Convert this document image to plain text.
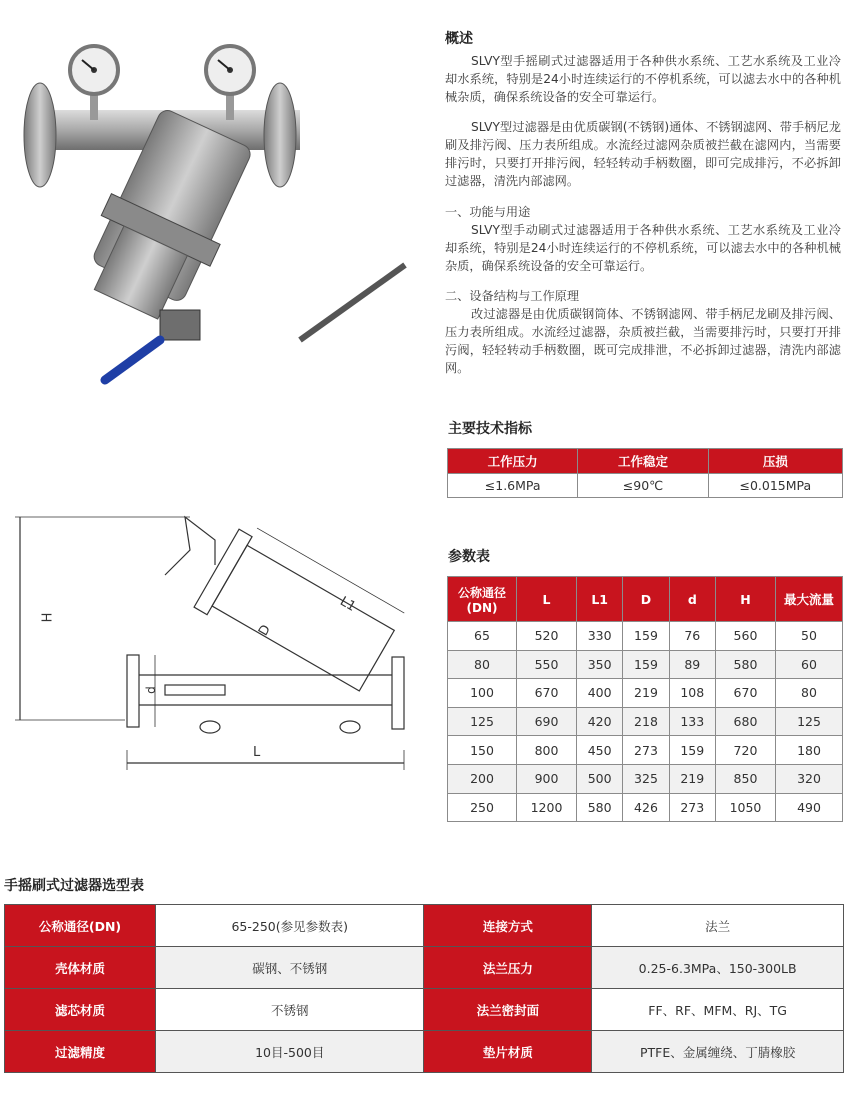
概述

SLVY型手摇刷式过滤器适用于各种供水系统、工艺水系统及工业冷却水系统，特别是24小时连续运行的不停机系统，可以滤去水中的各种机械杂质，确保系统设备的安全可靠运行。

SLVY型过滤器是由优质碳钢(不锈钢)通体、不锈钢滤网、带手柄尼龙刷及排污阀、压力表所组成。水流经过滤网杂质被拦截在滤网内，当需要排污时，只要打开排污阀，轻轻转动手柄数圈，即可完成排污，不必拆卸过滤器，清洗内部滤网。

一、功能与用途

SLVY型手动刷式过滤器适用于各种供水系统、工艺水系统及工业冷却系统，特别是24小时连续运行的不停机系统，可以滤去水中的各种机械杂质，确保系统设备的安全可靠运行。

二、设备结构与工作原理

改过滤器是由优质碳钢筒体、不锈钢滤网、带手柄尼龙刷及排污阀、压力表所组成。水流经过滤器，杂质被拦截，当需要排污时，只要打开排污阀，轻轻转动手柄数圈，既可完成排泄，不必拆卸过滤器，清洗内部滤网。

主要技术指标
工作压力	工作稳定	压损
≤1.6MPa	≤90℃	≤0.015MPa
H
L
L1
D
d
参数表
公称通径(DN)	L	L1	D	d	H	最大流量
65	520	330	159	76	560	50
80	550	350	159	89	580	60
100	670	400	219	108	670	80
125	690	420	218	133	680	125
150	800	450	273	159	720	180
200	900	500	325	219	850	320
250	1200	580	426	273	1050	490
手摇刷式过滤器选型表
公称通径(DN)	65-250(参见参数表)	连接方式	法兰
壳体材质	碳钢、不锈钢	法兰压力	0.25-6.3MPa、150-300LB
滤芯材质	不锈钢	法兰密封面	FF、RF、MFM、RJ、TG
过滤精度	10目-500目	垫片材质	PTFE、金属缠绕、丁腈橡胶
